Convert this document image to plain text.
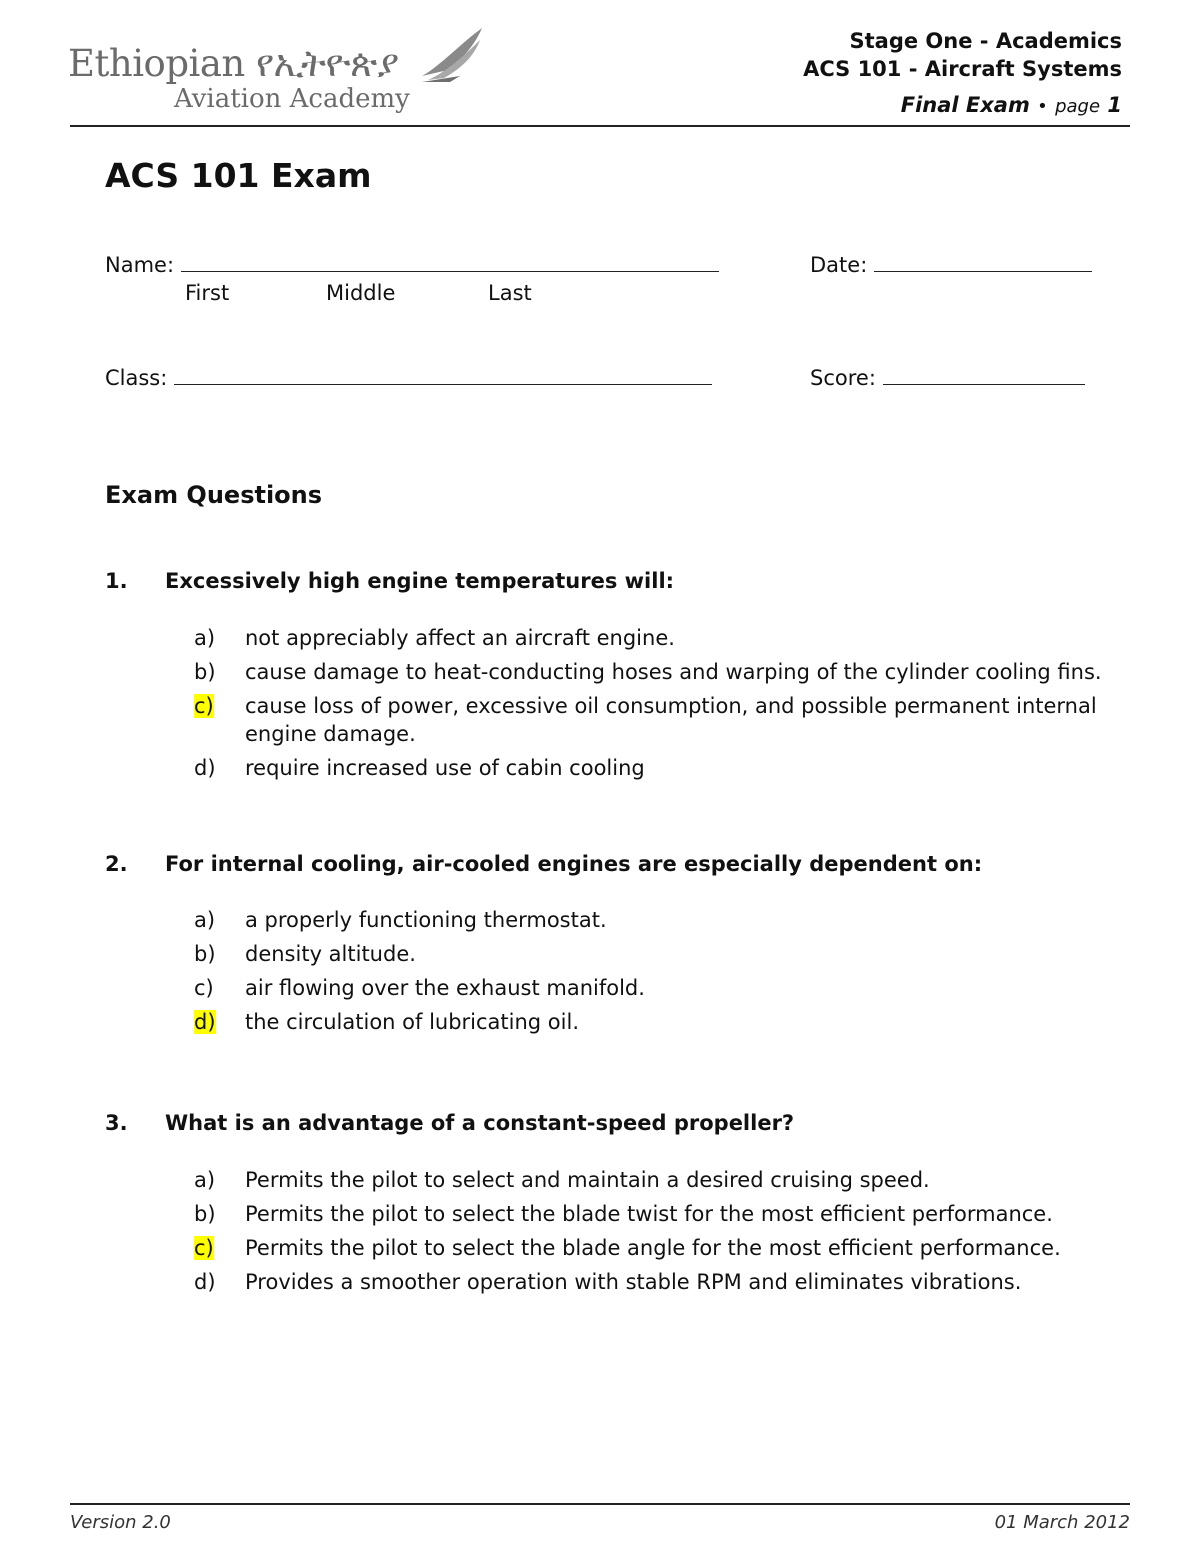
Ethiopian የኢትዮጵያ
Aviation Academy
Stage One - Academics
ACS 101 - Aircraft Systems
Final Exam • page 1
ACS 101 Exam
Name:
First	Middle	Last
Date:
Class:	Score:
Exam Questions
1. Excessively high engine temperatures will:
a) not appreciably affect an aircraft engine.
b) cause damage to heat-conducting hoses and warping of the cylinder cooling fins.
c) cause loss of power, excessive oil consumption, and possible permanent internal engine damage.
d) require increased use of cabin cooling
2. For internal cooling, air-cooled engines are especially dependent on:
a) a properly functioning thermostat.
b) density altitude.
c) air flowing over the exhaust manifold.
d) the circulation of lubricating oil.
3. What is an advantage of a constant-speed propeller?
a) Permits the pilot to select and maintain a desired cruising speed.
b) Permits the pilot to select the blade twist for the most efficient performance.
c) Permits the pilot to select the blade angle for the most efficient performance.
d) Provides a smoother operation with stable RPM and eliminates vibrations.
Version 2.0	01 March 2012
